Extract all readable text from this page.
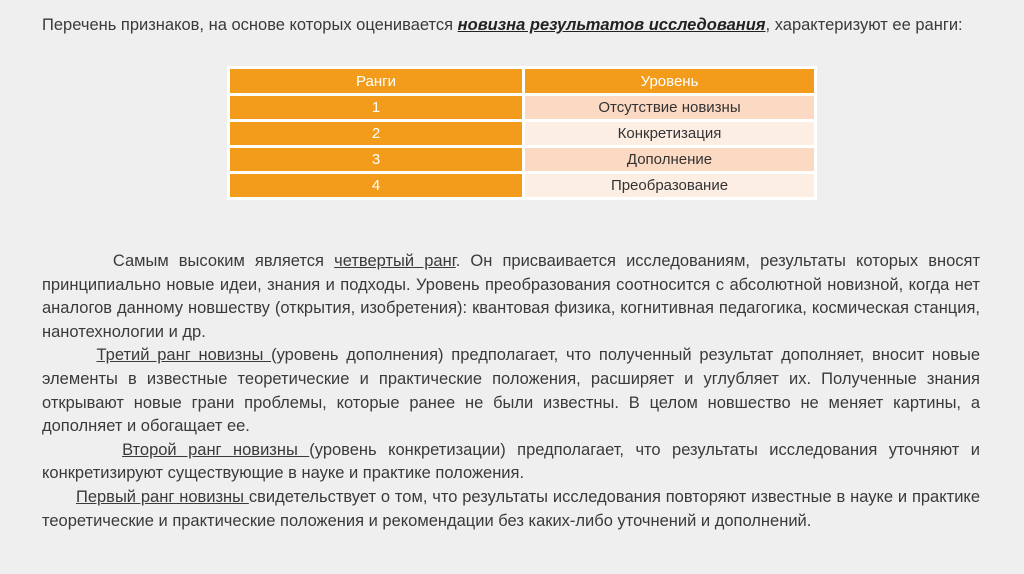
Перечень признаков, на основе которых оценивается новизна результатов исследования, характеризуют ее ранги:
Ранги	Уровень
1	Отсутствие новизны
2	Конкретизация
3	Дополнение
4	Преобразование

Самым высоким является четвертый ранг. Он присваивается исследованиям, результаты которых вносят принципиально новые идеи, знания и подходы. Уровень преобразования соотносится с абсолютной новизной, когда нет аналогов данному новшеству (открытия, изобретения): квантовая физика, когнитивная педагогика, космическая станция, нанотехнологии и др.

Третий ранг новизны (уровень дополнения) предполагает, что полученный результат дополняет, вносит новые элементы в известные теоретические и практические положения, расширяет и углубляет их. Полученные знания открывают новые грани проблемы, которые ранее не были известны. В целом новшество не меняет картины, а дополняет и обогащает ее.

Второй ранг новизны (уровень конкретизации) предполагает, что результаты исследования уточняют и конкретизируют существующие в науке и практике положения.

Первый ранг новизны свидетельствует о том, что результаты исследования повторяют известные в науке и практике теоретические и практические положения и рекомендации без каких-либо уточнений и дополнений.
